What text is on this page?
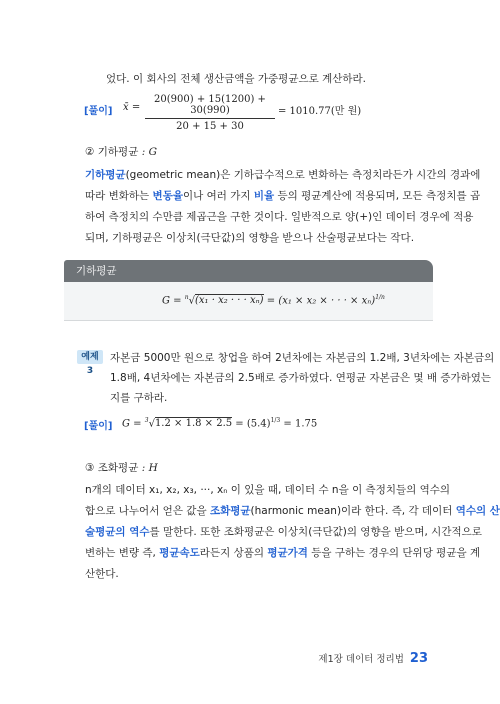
었다. 이 회사의 전체 생산금액을 가중평균으로 계산하라.
[풀이] x̄ = $\frac{20(900) + 15(1200) + 30(990)}{20 + 15 + 30} = 1010.77$(만 원)
② 기하평균 : G
기하평균(geometric mean)은 기하급수적으로 변화하는 측정치라든가 시간의 경과에
따라 변화하는 변동율이나 여러 가지 비율 등의 평균계산에 적용되며, 모든 측정치를 곱
하여 측정치의 수만큼 제곱근을 구한 것이다. 일반적으로 양(+)인 데이터 경우에 적용
되며, 기하평균은 이상치(극단값)의 영향을 받으나 산술평균보다는 작다.
기하평균
G = $^n$√(x₁ · x₂ · · · xₙ) = (x₁ × x₂ × · · · × xₙ)$^{1/n}$
예제 3
자본금 5000만 원으로 창업을 하여 2년차에는 자본금의 1.2배, 3년차에는 자본금의
1.8배, 4년차에는 자본금의 2.5배로 증가하였다. 연평균 자본금은 몇 배 증가하였는
지를 구하라.
[풀이] $G = ^3√1.2 \times 1.8 \times 2.5 = (5.4)^{1/3} = 1.75$
③ 조화평균 : H
n개의 데이터 x₁, x₂, x₃, ···, xₙ 이 있을 때, 데이터 수 n을 이 측정치들의 역수의
합으로 나누어서 얻은 값을 조화평균(harmonic mean)이라 한다. 즉, 각 데이터 역수의 산
술평균의 역수를 말한다. 또한 조화평균은 이상치(극단값)의 영향을 받으며, 시간적으로
변하는 변량 즉, 평균속도라든지 상품의 평균가격 등을 구하는 경우의 단위당 평균을 계
산한다.
제1장 데이터 정리법 23
